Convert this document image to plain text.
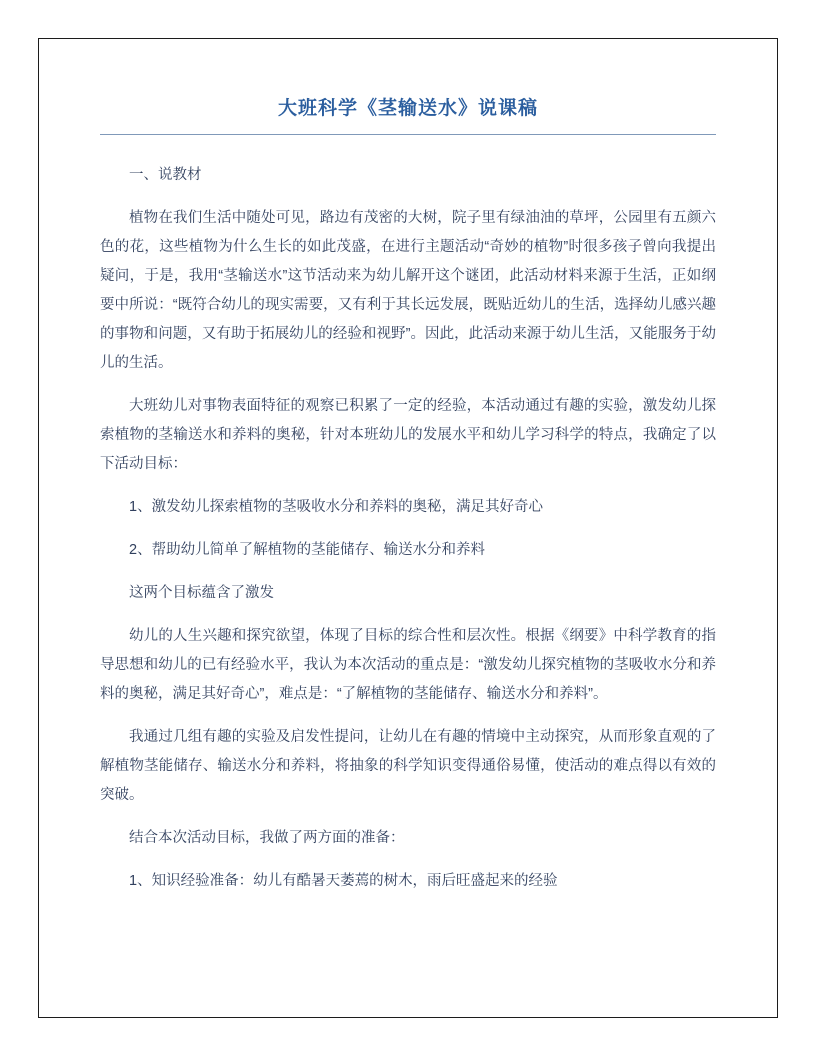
大班科学《茎输送水》说课稿
一、说教材
植物在我们生活中随处可见，路边有茂密的大树，院子里有绿油油的草坪，公园里有五颜六色的花，这些植物为什么生长的如此茂盛，在进行主题活动“奇妙的植物”时很多孩子曾向我提出疑问，于是，我用“茎输送水”这节活动来为幼儿解开这个谜团，此活动材料来源于生活，正如纲要中所说：“既符合幼儿的现实需要，又有利于其长远发展，既贴近幼儿的生活，选择幼儿感兴趣的事物和问题，又有助于拓展幼儿的经验和视野”。因此，此活动来源于幼儿生活，又能服务于幼儿的生活。
大班幼儿对事物表面特征的观察已积累了一定的经验，本活动通过有趣的实验，激发幼儿探索植物的茎输送水和养料的奥秘，针对本班幼儿的发展水平和幼儿学习科学的特点，我确定了以下活动目标：
1、激发幼儿探索植物的茎吸收水分和养料的奥秘，满足其好奇心
2、帮助幼儿简单了解植物的茎能储存、输送水分和养料
这两个目标蕴含了激发
幼儿的人生兴趣和探究欲望，体现了目标的综合性和层次性。根据《纲要》中科学教育的指导思想和幼儿的已有经验水平，我认为本次活动的重点是：“激发幼儿探究植物的茎吸收水分和养料的奥秘，满足其好奇心”，难点是：“了解植物的茎能储存、输送水分和养料”。
我通过几组有趣的实验及启发性提问，让幼儿在有趣的情境中主动探究，从而形象直观的了解植物茎能储存、输送水分和养料，将抽象的科学知识变得通俗易懂，使活动的难点得以有效的突破。
结合本次活动目标，我做了两方面的准备：
1、知识经验准备：幼儿有酷暑天萎蔫的树木，雨后旺盛起来的经验
